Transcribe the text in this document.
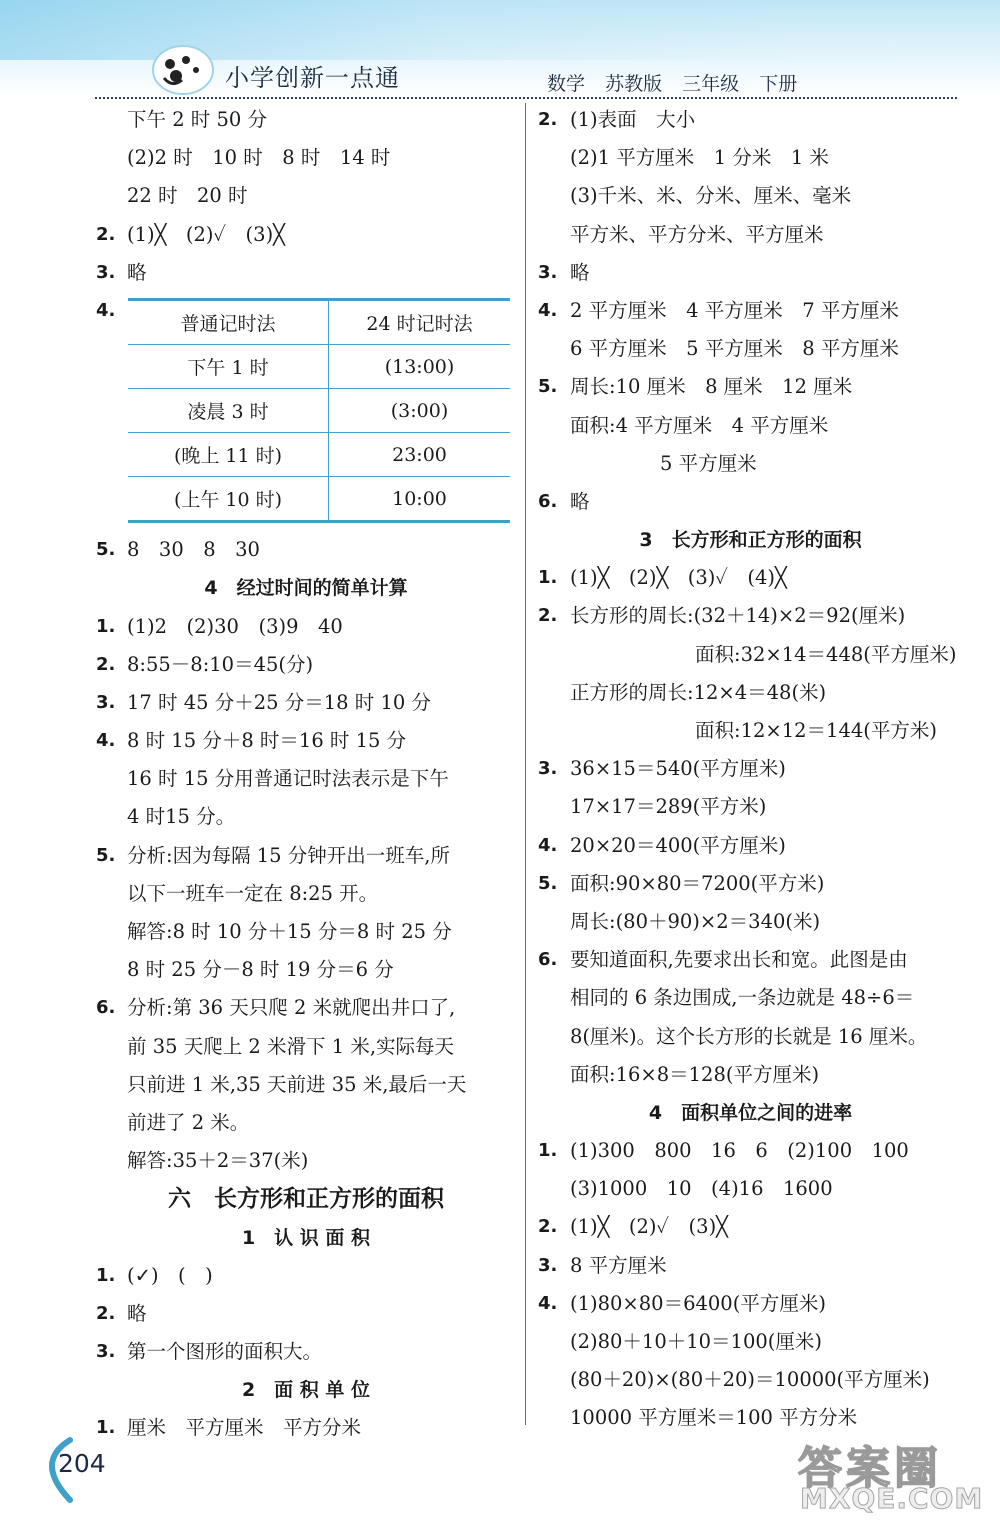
小学创新一点通	数学 苏教版 三年级 下册
下午 2 时 50 分
(2)2 时　10 时　8 时　14 时
22 时　20 时
2. (1)╳　(2)✓　(3)╳
3. 略
4.
5. 8　30　8　30
4　经过时间的简单计算
1. (1)2　(2)30　(3)9　40
2. 8:55－8:10＝45(分)
3. 17 时 45 分＋25 分＝18 时 10 分
4. 8 时 15 分＋8 时＝16 时 15 分
16 时 15 分用普通记时法表示是下午
4 时15 分。
5. 分析:因为每隔 15 分钟开出一班车,所
以下一班车一定在 8:25 开。
解答:8 时 10 分＋15 分＝8 时 25 分
8 时 25 分－8 时 19 分＝6 分
6. 分析:第 36 天只爬 2 米就爬出井口了,
前 35 天爬上 2 米滑下 1 米,实际每天
只前进 1 米,35 天前进 35 米,最后一天
前进了 2 米。
解答:35＋2＝37(米)
六　长方形和正方形的面积
1　认 识 面 积
1. (✓)　(　)
2. 略
3. 第一个图形的面积大。
2　面 积 单 位
1. 厘米　平方厘米　平方分米
普通记时法	24 时记时法
下午 1 时	(13:00)
凌晨 3 时	(3:00)
(晚上 11 时)	23:00
(上午 10 时)	10:00
2. (1)表面　大小
(2)1 平方厘米　1 分米　1 米
(3)千米、米、分米、厘米、毫米
平方米、平方分米、平方厘米
3. 略
4. 2 平方厘米　4 平方厘米　7 平方厘米
6 平方厘米　5 平方厘米　8 平方厘米
5. 周长:10 厘米　8 厘米　12 厘米
面积:4 平方厘米　4 平方厘米
5 平方厘米
6. 略
3　长方形和正方形的面积
1. (1)╳　(2)╳　(3)✓　(4)╳
2. 长方形的周长:(32＋14)×2＝92(厘米)
面积:32×14＝448(平方厘米)
正方形的周长:12×4＝48(米)
面积:12×12＝144(平方米)
3. 36×15＝540(平方厘米)
17×17＝289(平方米)
4. 20×20＝400(平方厘米)
5. 面积:90×80＝7200(平方米)
周长:(80＋90)×2＝340(米)
6. 要知道面积,先要求出长和宽。此图是由
相同的 6 条边围成,一条边就是 48÷6＝
8(厘米)。这个长方形的长就是 16 厘米。
面积:16×8＝128(平方厘米)
4　面积单位之间的进率
1. (1)300　800　16　6　(2)100　100
(3)1000　10　(4)16　1600
2. (1)╳　(2)✓　(3)╳
3. 8 平方厘米
4. (1)80×80＝6400(平方厘米)
(2)80＋10＋10＝100(厘米)
(80＋20)×(80＋20)＝10000(平方厘米)
10000 平方厘米＝100 平方分米
204	答案圈
MXQE.COM
